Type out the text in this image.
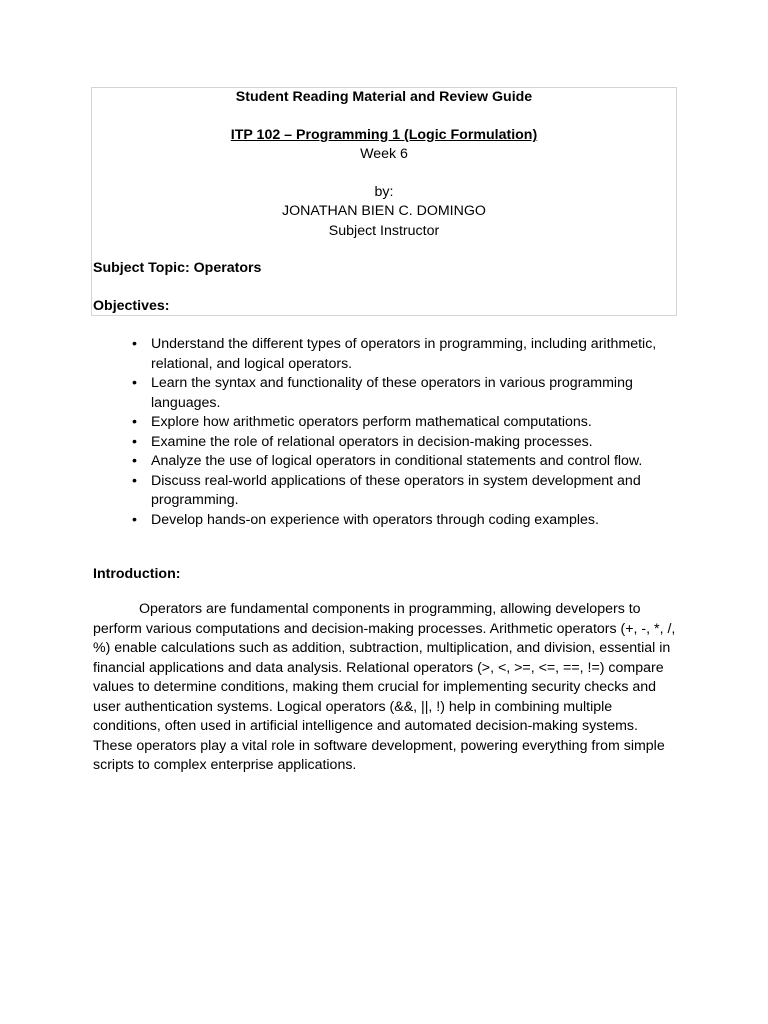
Student Reading Material and Review Guide
ITP 102 – Programming 1 (Logic Formulation)
Week 6
by:
JONATHAN BIEN C. DOMINGO
Subject Instructor
Subject Topic: Operators
Objectives:
• Understand the different types of operators in programming, including arithmetic, relational, and logical operators.
• Learn the syntax and functionality of these operators in various programming languages.
• Explore how arithmetic operators perform mathematical computations.
• Examine the role of relational operators in decision-making processes.
• Analyze the use of logical operators in conditional statements and control flow.
• Discuss real-world applications of these operators in system development and programming.
• Develop hands-on experience with operators through coding examples.
Introduction:

Operators are fundamental components in programming, allowing developers to perform various computations and decision-making processes. Arithmetic operators (+, -, *, /, %) enable calculations such as addition, subtraction, multiplication, and division, essential in financial applications and data analysis. Relational operators (>, <, >=, <=, ==, !=) compare values to determine conditions, making them crucial for implementing security checks and user authentication systems. Logical operators (&&, ||, !) help in combining multiple conditions, often used in artificial intelligence and automated decision-making systems. These operators play a vital role in software development, powering everything from simple scripts to complex enterprise applications.
